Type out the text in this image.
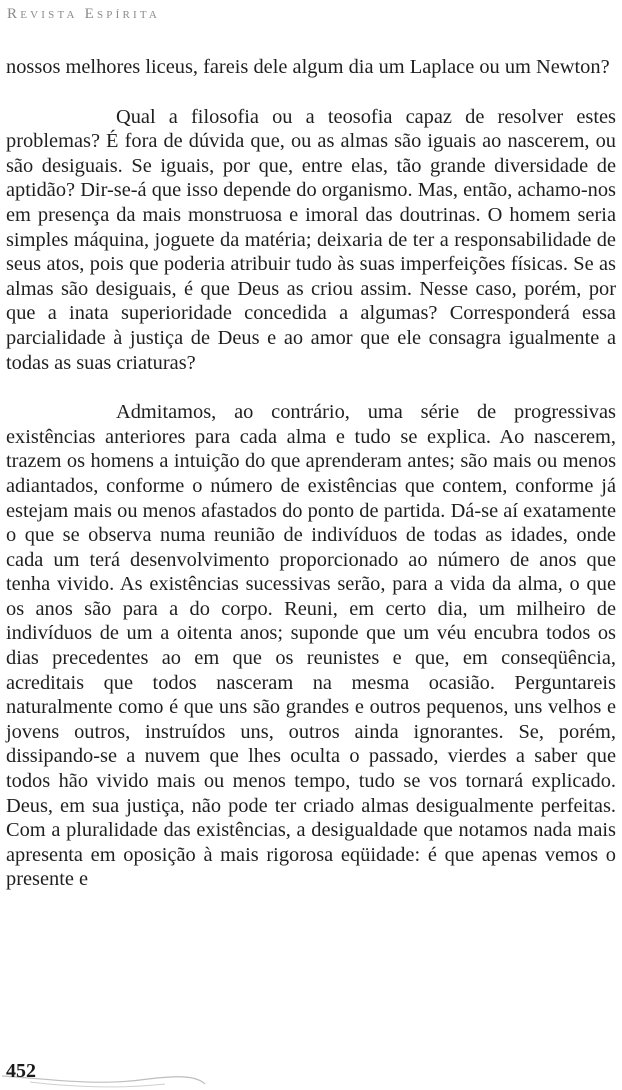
Revista Espírita

nossos melhores liceus, fareis dele algum dia um Laplace ou um Newton?

Qual a filosofia ou a teosofia capaz de resolver estes problemas? É fora de dúvida que, ou as almas são iguais ao nascerem, ou são desiguais. Se iguais, por que, entre elas, tão grande diversidade de aptidão? Dir-se-á que isso depende do organismo. Mas, então, achamo-nos em presença da mais monstruosa e imoral das doutrinas. O homem seria simples máquina, joguete da matéria; deixaria de ter a responsabilidade de seus atos, pois que poderia atribuir tudo às suas imperfeições físicas. Se as almas são desiguais, é que Deus as criou assim. Nesse caso, porém, por que a inata superioridade concedida a algumas? Corresponderá essa parcialidade à justiça de Deus e ao amor que ele consagra igualmente a todas as suas criaturas?

Admitamos, ao contrário, uma série de progressivas existências anteriores para cada alma e tudo se explica. Ao nascerem, trazem os homens a intuição do que aprenderam antes; são mais ou menos adiantados, conforme o número de existências que contem, conforme já estejam mais ou menos afastados do ponto de partida. Dá-se aí exatamente o que se observa numa reunião de indivíduos de todas as idades, onde cada um terá desenvolvimento proporcionado ao número de anos que tenha vivido. As existências sucessivas serão, para a vida da alma, o que os anos são para a do corpo. Reuni, em certo dia, um milheiro de indivíduos de um a oitenta anos; suponde que um véu encubra todos os dias precedentes ao em que os reunistes e que, em conseqüência, acreditais que todos nasceram na mesma ocasião. Perguntareis naturalmente como é que uns são grandes e outros pequenos, uns velhos e jovens outros, instruídos uns, outros ainda ignorantes. Se, porém, dissipando-se a nuvem que lhes oculta o passado, vierdes a saber que todos hão vivido mais ou menos tempo, tudo se vos tornará explicado. Deus, em sua justiça, não pode ter criado almas desigualmente perfeitas. Com a pluralidade das existências, a desigualdade que notamos nada mais apresenta em oposição à mais rigorosa eqüidade: é que apenas vemos o presente e

452
